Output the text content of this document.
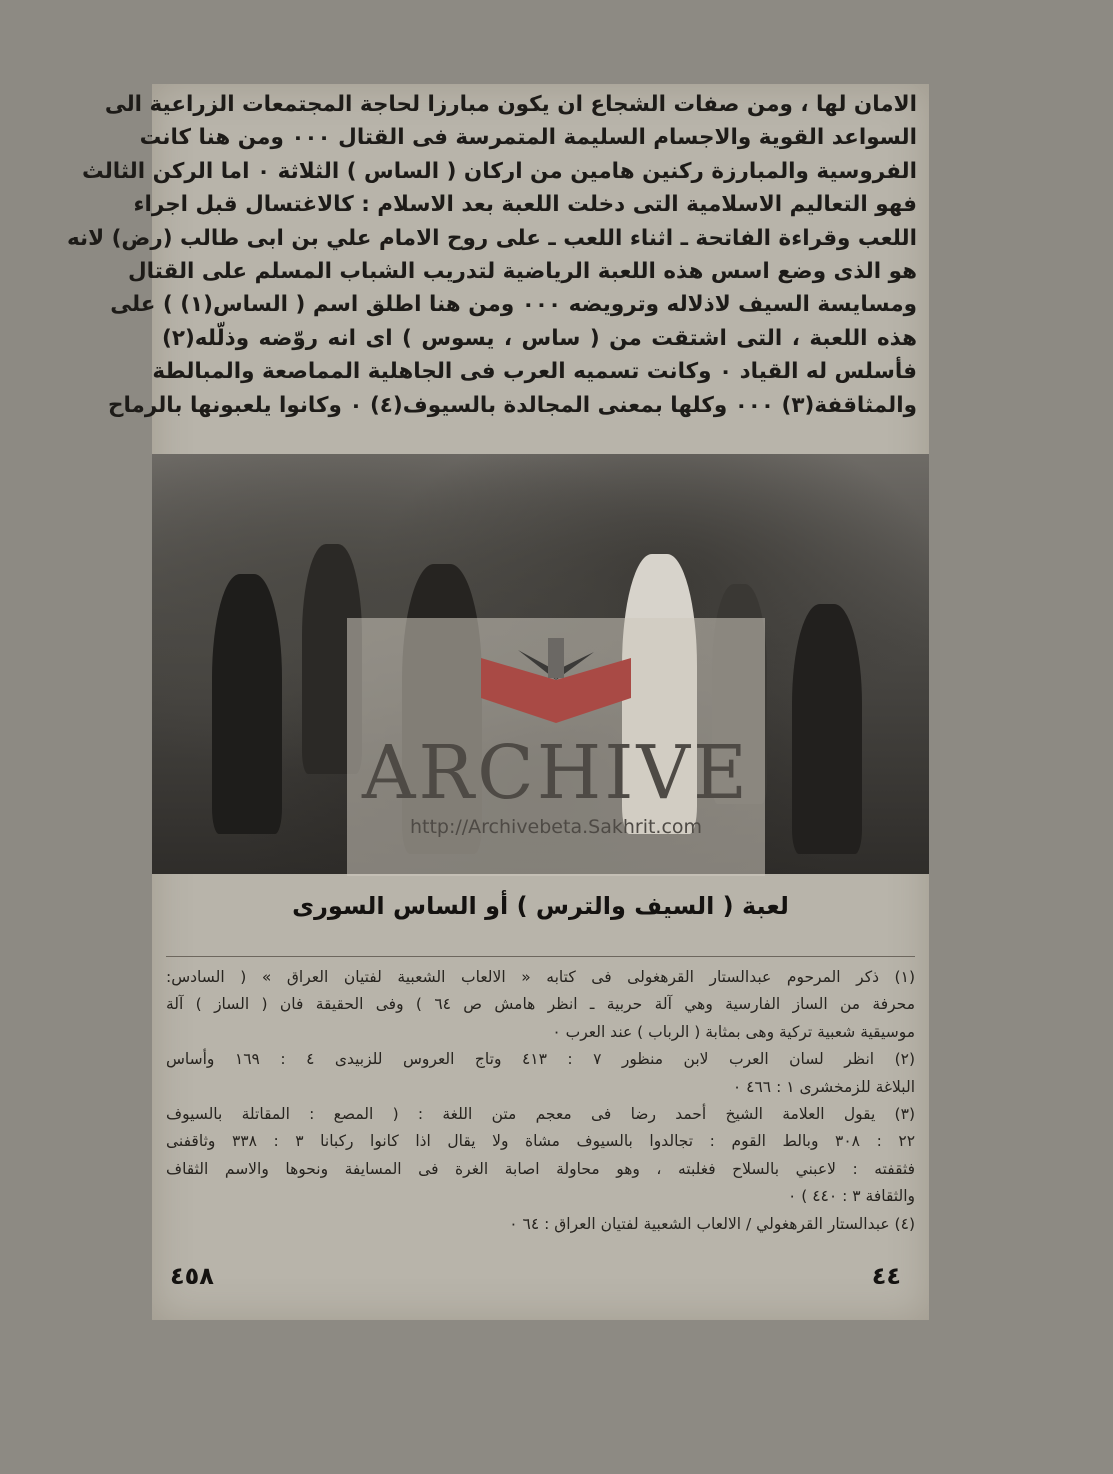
الامان لها ، ومن صفات الشجاع ان يكون مبارزا لحاجة المجتمعات الزراعية الى
السواعد القوية والاجسام السليمة المتمرسة فى القتال ٠٠٠ ومن هنا كانت
الفروسية والمبارزة ركنين هامين من اركان ( الساس ) الثلاثة ٠ اما الركن الثالث
فهو التعاليم الاسلامية التى دخلت اللعبة بعد الاسلام : كالاغتسال قبل اجراء
اللعب وقراءة الفاتحة ـ اثناء اللعب ـ على روح الامام علي بن ابى طالب (رض) لانه
هو الذى وضع اسس هذه اللعبة الرياضية لتدريب الشباب المسلم على القتال
ومسايسة السيف لاذلاله وترويضه ٠٠٠ ومن هنا اطلق اسم ( الساس(١) ) على
هذه اللعبة ، التى اشتقت من ( ساس ، يسوس ) اى انه روّضه وذلّله(٢)
فأسلس له القياد ٠ وكانت تسميه العرب فى الجاهلية المماصعة والمبالطة
والمثاقفة(٣) ٠٠٠ وكلها بمعنى المجالدة بالسيوف(٤) ٠ وكانوا يلعبونها بالرماح
ARCHIVE
http://Archivebeta.Sakhrit.com
لعبة ( السيف والترس ) أو الساس السورى
(١) ذكر المرحوم عبدالستار القرهغولى فى كتابه « الالعاب الشعبية لفتيان العراق » ( السادس:
محرفة من الساز الفارسية وهي آلة حربية ـ انظر هامش ص ٦٤ ) وفى الحقيقة فان ( الساز ) آلة
موسيقية شعبية تركية وهى بمثابة ( الرباب ) عند العرب ٠
(٢) انظر لسان العرب لابن منظور ٧ : ٤١٣ وتاج العروس للزبيدى ٤ : ١٦٩ وأساس
البلاغة للزمخشرى ١ : ٤٦٦ ٠
(٣) يقول العلامة الشيخ أحمد رضا فى معجم متن اللغة : ( المصع : المقاتلة بالسيوف
٢٢ : ٣٠٨ وبالط القوم : تجالدوا بالسيوف مشاة ولا يقال اذا كانوا ركبانا ٣ : ٣٣٨ وثاقفنى
فثقفته : لاعبني بالسلاح فغلبته ، وهو محاولة اصابة الغرة فى المسايفة ونحوها والاسم الثقاف
والثقافة ٣ : ٤٤٠ ) ٠
(٤) عبدالستار القرهغولي / الالعاب الشعبية لفتيان العراق : ٦٤ ٠
٤٥٨	٤٤
